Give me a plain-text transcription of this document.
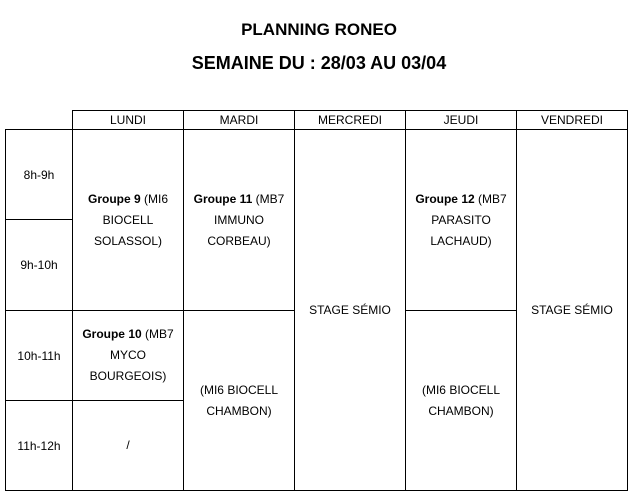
PLANNING RONEO
SEMAINE DU : 28/03 AU 03/04
	LUNDI	MARDI	MERCREDI	JEUDI	VENDREDI
8h-9h	Groupe 9 (MI6
BIOCELL
SOLASSOL)	Groupe 11 (MB7
IMMUNO
CORBEAU)	STAGE SÉMIO	Groupe 12 (MB7
PARASITO
LACHAUD)	STAGE SÉMIO
9h-10h					
10h-11h	Groupe 10 (MB7
MYCO
BOURGEOIS)	(MI6 BIOCELL
CHAMBON)		(MI6 BIOCELL
CHAMBON)	
11h-12h	/				
